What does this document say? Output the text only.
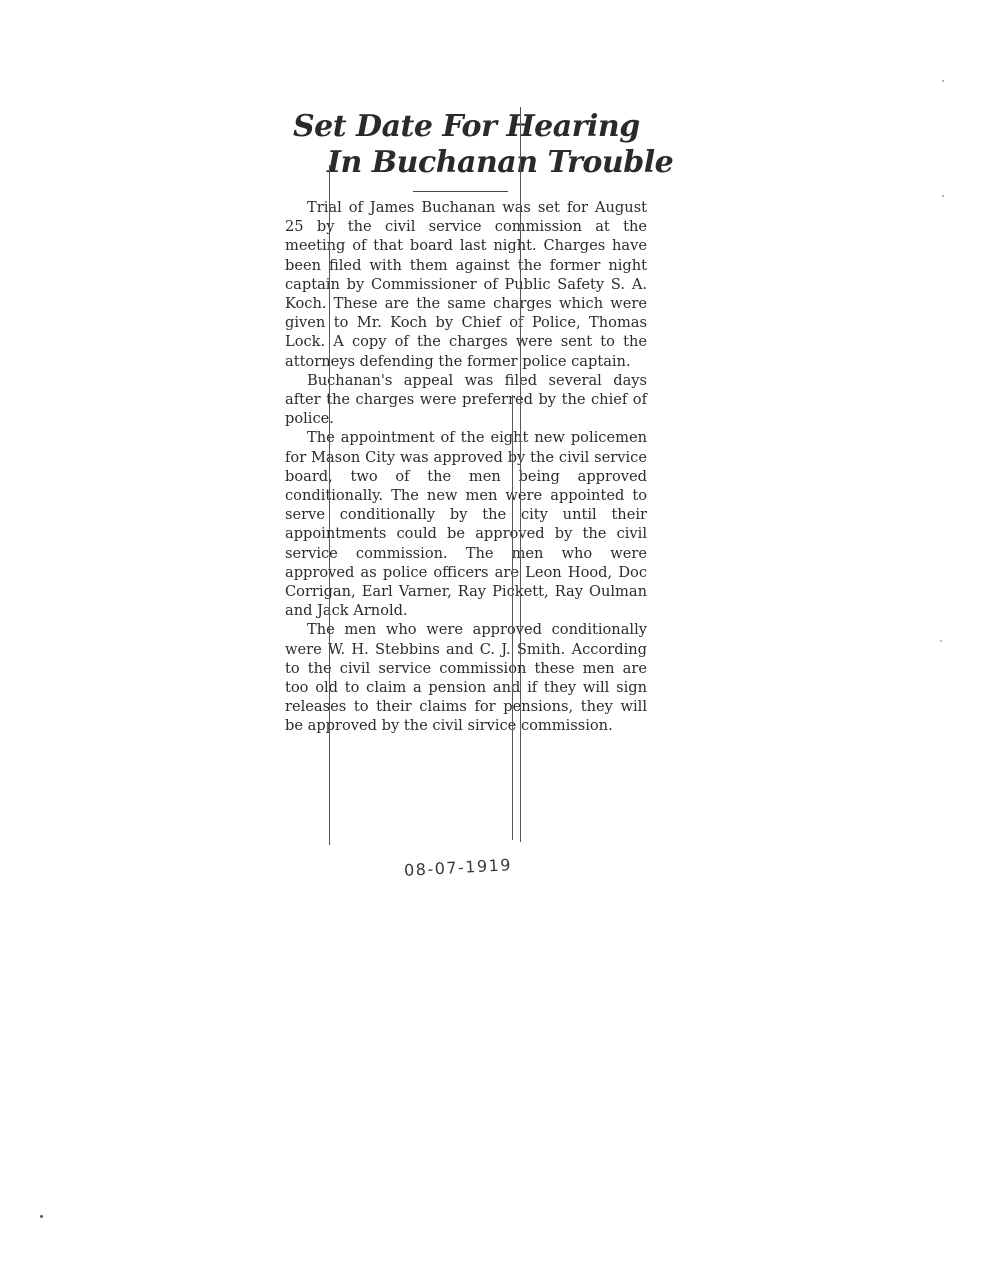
Set Date For Hearing
In Buchanan Trouble

Trial of James Buchanan was set for August 25 by the civil service commission at the meeting of that board last night. Charges have been filed with them against the former night captain by Commissioner of Public Safety S. A. Koch. These are the same charges which were given to Mr. Koch by Chief of Police, Thomas Lock. A copy of the charges were sent to the attorneys defending the former police captain.

Buchanan's appeal was filed several days after the charges were preferred by the chief of police.

The appointment of the eight new policemen for Mason City was approved by the civil service board, two of the men being approved conditionally. The new men were appointed to serve conditionally by the city until their appointments could be approved by the civil service commission. The men who were approved as police officers are Leon Hood, Doc Corrigan, Earl Varner, Ray Pickett, Ray Oulman and Jack Arnold.

The men who were approved conditionally were W. H. Stebbins and C. J. Smith. According to the civil service commission these men are too old to claim a pension and if they will sign releases to their claims for pensions, they will be approved by the civil sirvice commission.

08-07-1919
